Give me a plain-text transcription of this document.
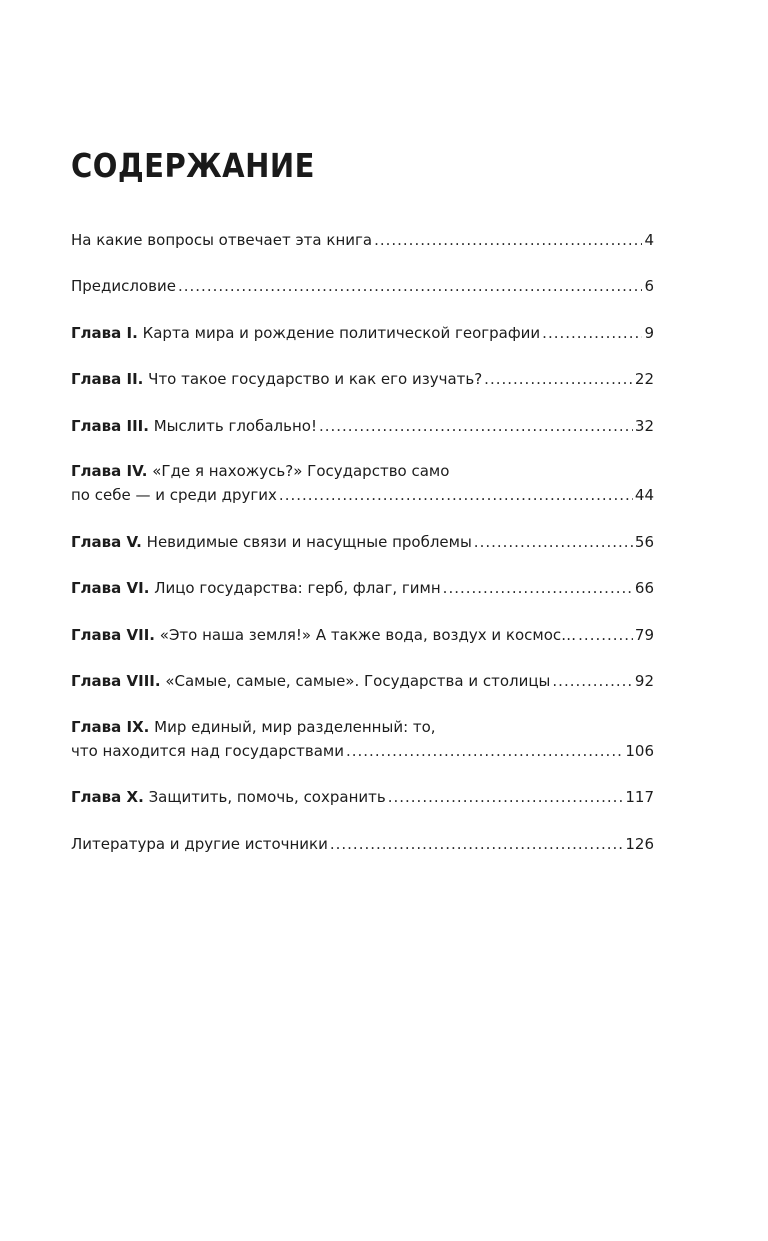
СОДЕРЖАНИЕ
На какие вопросы отвечает эта книга .....	4
Предисловие .....	6
Глава I. Карта мира и рождение политической географии .....	9
Глава II. Что такое государство и как его изучать? .....	22
Глава III. Мыслить глобально! .....	32
Глава IV. «Где я нахожусь?» Государство само
по себе — и среди других .....	44
Глава V. Невидимые связи и насущные проблемы .....	56
Глава VI. Лицо государства: герб, флаг, гимн .....	66
Глава VII. «Это наша земля!» А также вода, воздух и космос… .....	79
Глава VIII. «Самые, самые, самые». Государства и столицы .....	92
Глава IX. Мир единый, мир разделенный: то,
что находится над государствами .....	106
Глава X. Защитить, помочь, сохранить .....	117
Литература и другие источники .....	126
